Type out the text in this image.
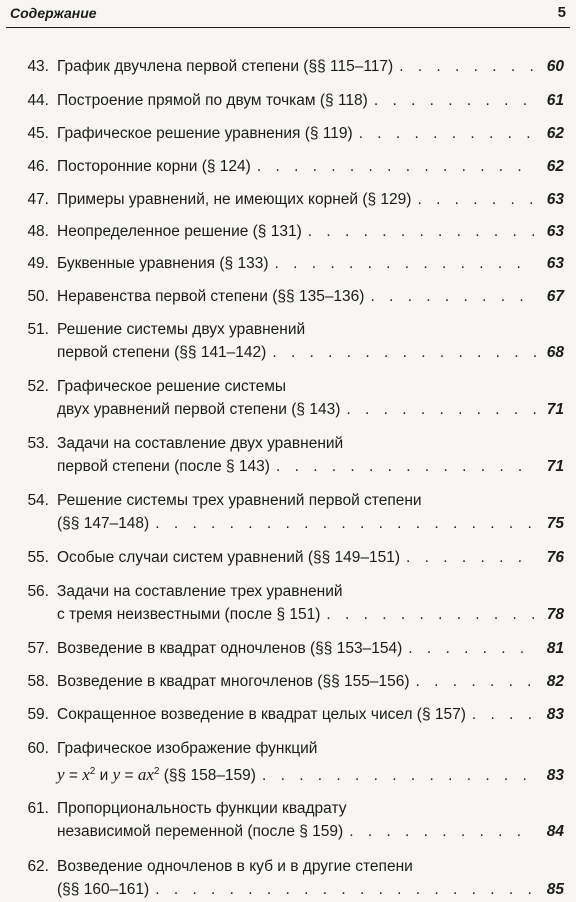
Содержание	5
43. График двучлена первой степени (§§ 115–117) . . .	60
44. Построение прямой по двум точкам (§ 118) . . .	61
45. Графическое решение уравнения (§ 119) . . .	62
46. Посторонние корни (§ 124) . . .	62
47. Примеры уравнений, не имеющих корней (§ 129) . . .	63
48. Неопределенное решение (§ 131) . . .	63
49. Буквенные уравнения (§ 133) . . .	63
50. Неравенства первой степени (§§ 135–136) . . .	67
51. Решение системы двух уравнений
первой степени (§§ 141–142) . . .	68
52. Графическое решение системы
двух уравнений первой степени (§ 143) . . .	71
53. Задачи на составление двух уравнений
первой степени (после § 143) . . .	71
54. Решение системы трех уравнений первой степени
(§§ 147–148) . . .	75
55. Особые случаи систем уравнений (§§ 149–151) . . .	76
56. Задачи на составление трех уравнений
с тремя неизвестными (после § 151) . . .	78
57. Возведение в квадрат одночленов (§§ 153–154) . . .	81
58. Возведение в квадрат многочленов (§§ 155–156) . . .	82
59. Сокращенное возведение в квадрат целых чисел (§ 157) . . .	83
60. Графическое изображение функций
$y = x^2$ и $y = ax^2$ (§§ 158–159) . . .	83
61. Пропорциональность функции квадрату
независимой переменной (после § 159) . . .	84
62. Возведение одночленов в куб и в другие степени
(§§ 160–161) . . .	85
